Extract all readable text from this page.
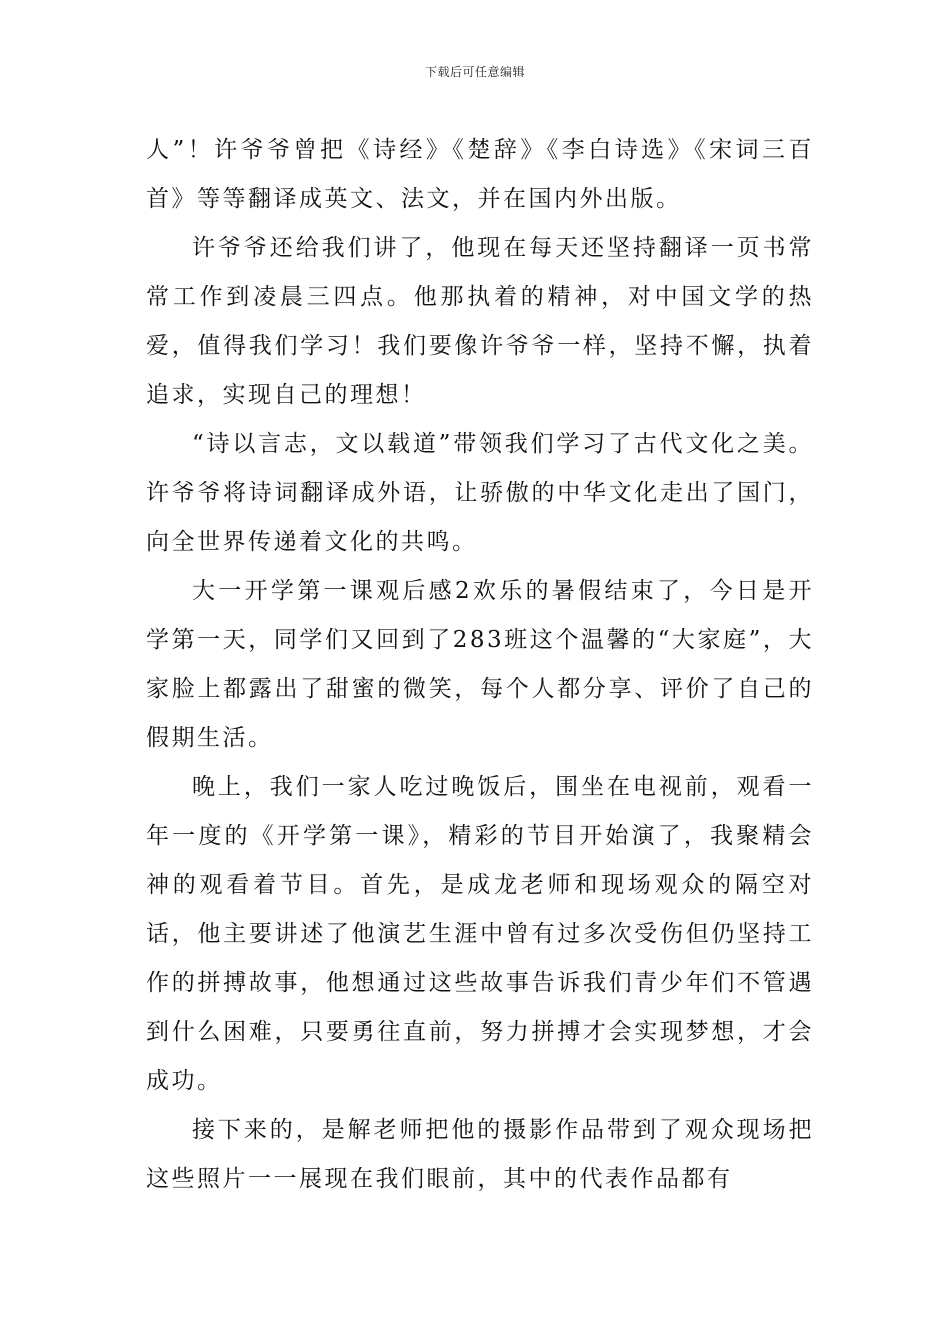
下载后可任意编辑

人”！许爷爷曾把《诗经》《楚辞》《李白诗选》《宋词三百首》等等翻译成英文、法文，并在国内外出版。

许爷爷还给我们讲了，他现在每天还坚持翻译一页书常常工作到凌晨三四点。他那执着的精神，对中国文学的热爱，值得我们学习！我们要像许爷爷一样，坚持不懈，执着追求，实现自己的理想！

“诗以言志，文以载道”带领我们学习了古代文化之美。许爷爷将诗词翻译成外语，让骄傲的中华文化走出了国门，向全世界传递着文化的共鸣。

大一开学第一课观后感2欢乐的暑假结束了，今日是开学第一天，同学们又回到了283班这个温馨的“大家庭”，大家脸上都露出了甜蜜的微笑，每个人都分享、评价了自己的假期生活。

晚上，我们一家人吃过晚饭后，围坐在电视前，观看一年一度的《开学第一课》，精彩的节目开始演了，我聚精会神的观看着节目。首先，是成龙老师和现场观众的隔空对话，他主要讲述了他演艺生涯中曾有过多次受伤但仍坚持工作的拼搏故事，他想通过这些故事告诉我们青少年们不管遇到什么困难，只要勇往直前，努力拼搏才会实现梦想，才会成功。

接下来的，是解老师把他的摄影作品带到了观众现场把这些照片一一展现在我们眼前，其中的代表作品都有
